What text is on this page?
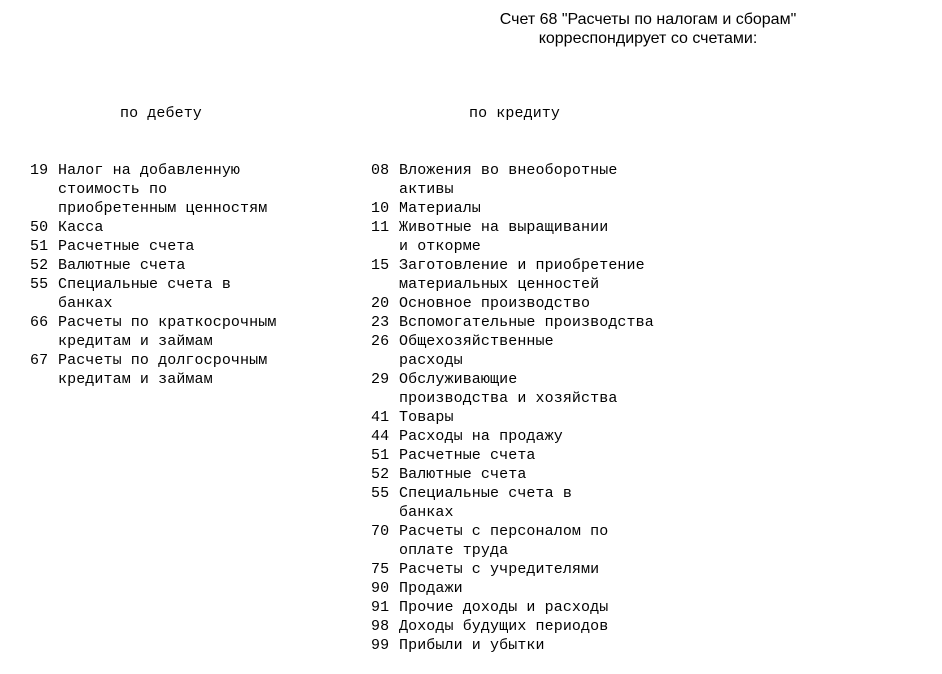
Счет 68 "Расчеты по налогам и сборам"
корреспондирует со счетами:

по дебету

19 Налог на добавленную
стоимость по
приобретенным ценностям
50 Касса
51 Расчетные счета
52 Валютные счета
55 Специальные счета в
банках
66 Расчеты по краткосрочным
кредитам и займам
67 Расчеты по долгосрочным
кредитам и займам

по кредиту

08 Вложения во внеоборотные
активы
10 Материалы
11 Животные на выращивании
и откорме
15 Заготовление и приобретение
материальных ценностей
20 Основное производство
23 Вспомогательные производства
26 Общехозяйственные
расходы
29 Обслуживающие
производства и хозяйства
41 Товары
44 Расходы на продажу
51 Расчетные счета
52 Валютные счета
55 Специальные счета в
банках
70 Расчеты с персоналом по
оплате труда
75 Расчеты с учредителями
90 Продажи
91 Прочие доходы и расходы
98 Доходы будущих периодов
99 Прибыли и убытки
